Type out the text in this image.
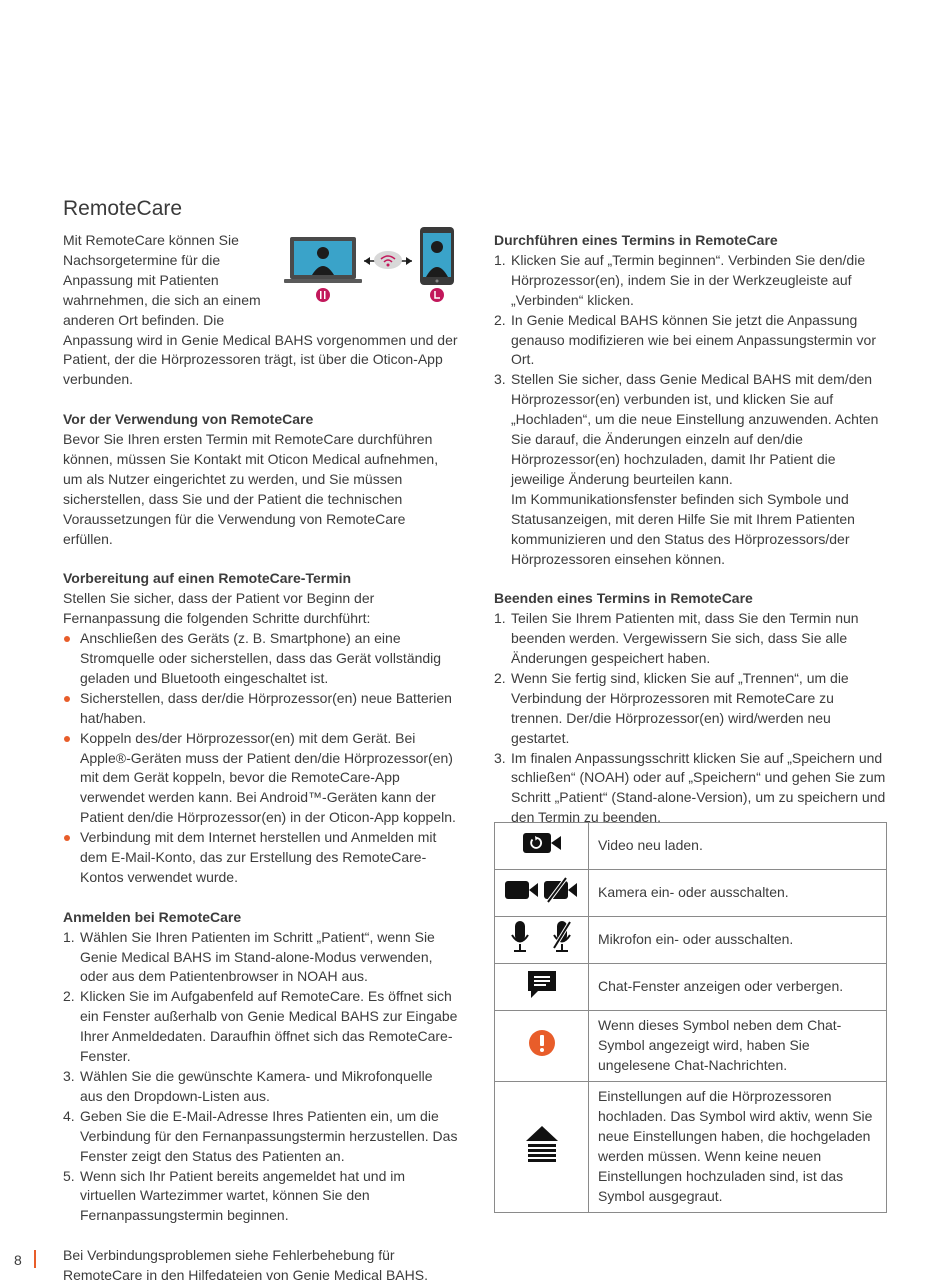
RemoteCare

Mit RemoteCare können Sie Nachsorgetermine für die Anpassung mit Patienten wahrnehmen, die sich an einem anderen Ort befinden. Die Anpassung wird in Genie Medical BAHS vorgenommen und der Patient, der die Hörprozessoren trägt, ist über die Oticon-App verbunden.

Vor der Verwendung von RemoteCare

Bevor Sie Ihren ersten Termin mit RemoteCare durchführen können, müssen Sie Kontakt mit Oticon Medical aufnehmen, um als Nutzer eingerichtet zu werden, und Sie müssen sicherstellen, dass Sie und der Patient die technischen Voraussetzungen für die Verwendung von RemoteCare erfüllen.

Vorbereitung auf einen RemoteCare-Termin

Stellen Sie sicher, dass der Patient vor Beginn der Fernanpassung die folgenden Schritte durchführt:

Anschließen des Geräts (z. B. Smartphone) an eine Stromquelle oder sicherstellen, dass das Gerät vollständig geladen und Bluetooth eingeschaltet ist.
Sicherstellen, dass der/die Hörprozessor(en) neue Batterien hat/haben.
Koppeln des/der Hörprozessor(en) mit dem Gerät. Bei Apple®-Geräten muss der Patient den/die Hörprozessor(en) mit dem Gerät koppeln, bevor die RemoteCare-App verwendet werden kann. Bei Android™-Geräten kann der Patient den/die Hörprozessor(en) in der Oticon-App koppeln.
Verbindung mit dem Internet herstellen und Anmelden mit dem E-Mail-Konto, das zur Erstellung des RemoteCare-Kontos verwendet wurde.

Anmelden bei RemoteCare

1. Wählen Sie Ihren Patienten im Schritt „Patient“, wenn Sie Genie Medical BAHS im Stand-alone-Modus verwenden, oder aus dem Patientenbrowser in NOAH aus.
2. Klicken Sie im Aufgabenfeld auf RemoteCare. Es öffnet sich ein Fenster außerhalb von Genie Medical BAHS zur Eingabe Ihrer Anmeldedaten. Daraufhin öffnet sich das RemoteCare-Fenster.
3. Wählen Sie die gewünschte Kamera- und Mikrofonquelle aus den Dropdown-Listen aus.
4. Geben Sie die E-Mail-Adresse Ihres Patienten ein, um die Verbindung für den Fernanpassungstermin herzustellen. Das Fenster zeigt den Status des Patienten an.
5. Wenn sich Ihr Patient bereits angemeldet hat und im virtuellen Wartezimmer wartet, können Sie den Fernanpassungstermin beginnen.

Bei Verbindungsproblemen siehe Fehlerbehebung für RemoteCare in den Hilfedateien von Genie Medical BAHS.

Durchführen eines Termins in RemoteCare

1. Klicken Sie auf „Termin beginnen“. Verbinden Sie den/die Hörprozessor(en), indem Sie in der Werkzeugleiste auf „Verbinden“ klicken.
2. In Genie Medical BAHS können Sie jetzt die Anpassung genauso modifizieren wie bei einem Anpassungstermin vor Ort.
3. Stellen Sie sicher, dass Genie Medical BAHS mit dem/den Hörprozessor(en) verbunden ist, und klicken Sie auf „Hochladen“, um die neue Einstellung anzuwenden. Achten Sie darauf, die Änderungen einzeln auf den/die Hörprozessor(en) hochzuladen, damit Ihr Patient die jeweilige Änderung beurteilen kann.
Im Kommunikationsfenster befinden sich Symbole und Statusanzeigen, mit deren Hilfe Sie mit Ihrem Patienten kommunizieren und den Status des Hörprozessors/der Hörprozessoren einsehen können.

Beenden eines Termins in RemoteCare

1. Teilen Sie Ihrem Patienten mit, dass Sie den Termin nun beenden werden. Vergewissern Sie sich, dass Sie alle Änderungen gespeichert haben.
2. Wenn Sie fertig sind, klicken Sie auf „Trennen“, um die Verbindung der Hörprozessoren mit RemoteCare zu trennen. Der/die Hörprozessor(en) wird/werden neu gestartet.
3. Im finalen Anpassungsschritt klicken Sie auf „Speichern und schließen“ (NOAH) oder auf „Speichern“ und gehen Sie zum Schritt „Patient“ (Stand-alone-Version), um zu speichern und den Termin zu beenden.
	Video neu laden.
	Kamera ein- oder ausschalten.
	Mikrofon ein- oder ausschalten.
	Chat-Fenster anzeigen oder verbergen.
	Wenn dieses Symbol neben dem Chat-Symbol angezeigt wird, haben Sie ungelesene Chat-Nachrichten.
	Einstellungen auf die Hörprozessoren hochladen. Das Symbol wird aktiv, wenn Sie neue Einstellungen haben, die hochgeladen werden müssen. Wenn keine neuen Einstellungen hochzuladen sind, ist das Symbol ausgegraut.
8
